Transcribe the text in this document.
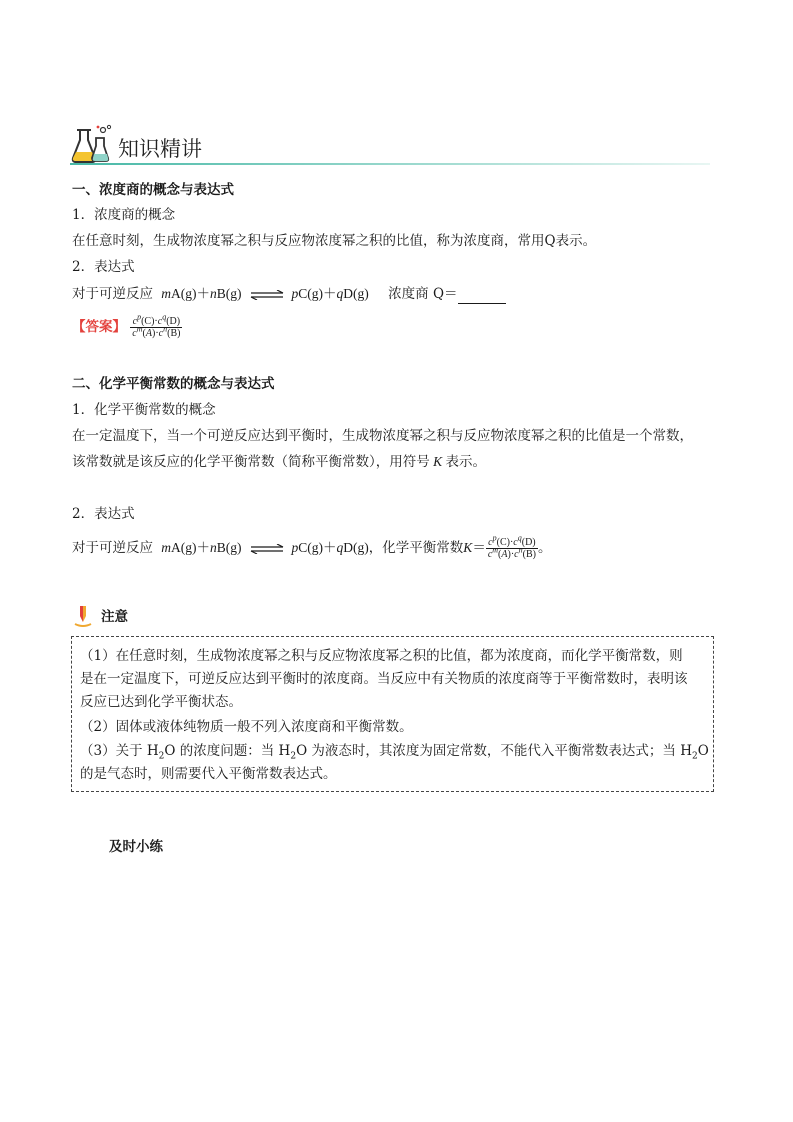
知识精讲
一、浓度商的概念与表达式
1．浓度商的概念
在任意时刻，生成物浓度幂之积与反应物浓度幂之积的比值，称为浓度商，常用Q表示。
2．表达式
对于可逆反应 mA(g)＋nB(g) ⇌ pC(g)＋qD(g) 浓度商 Q＝
【答案】 $\frac{c^p(C)\cdot c^q(D)}{c^m(A)\cdot c^n(B)}$
二、化学平衡常数的概念与表达式
1．化学平衡常数的概念
在一定温度下，当一个可逆反应达到平衡时，生成物浓度幂之积与反应物浓度幂之积的比值是一个常数，
该常数就是该反应的化学平衡常数（简称平衡常数），用符号 K 表示。
2．表达式
对于可逆反应 mA(g)＋nB(g) ⇌ pC(g)＋qD(g)，化学平衡常数$K= \frac{c^p(C)\cdot c^q(D)}{c^m(A)\cdot c^n(B)}$ 。
注意
（1）在任意时刻，生成物浓度幂之积与反应物浓度幂之积的比值，都为浓度商，而化学平衡常数，则
是在一定温度下，可逆反应达到平衡时的浓度商。当反应中有关物质的浓度商等于平衡常数时，表明该
反应已达到化学平衡状态。
（2）固体或液体纯物质一般不列入浓度商和平衡常数。
（3）关于 $H_2O$ 的浓度问题：当 $H_2O$ 为液态时，其浓度为固定常数，不能代入平衡常数表达式；当 $H_2O$
的是气态时，则需要代入平衡常数表达式。
及时小练
